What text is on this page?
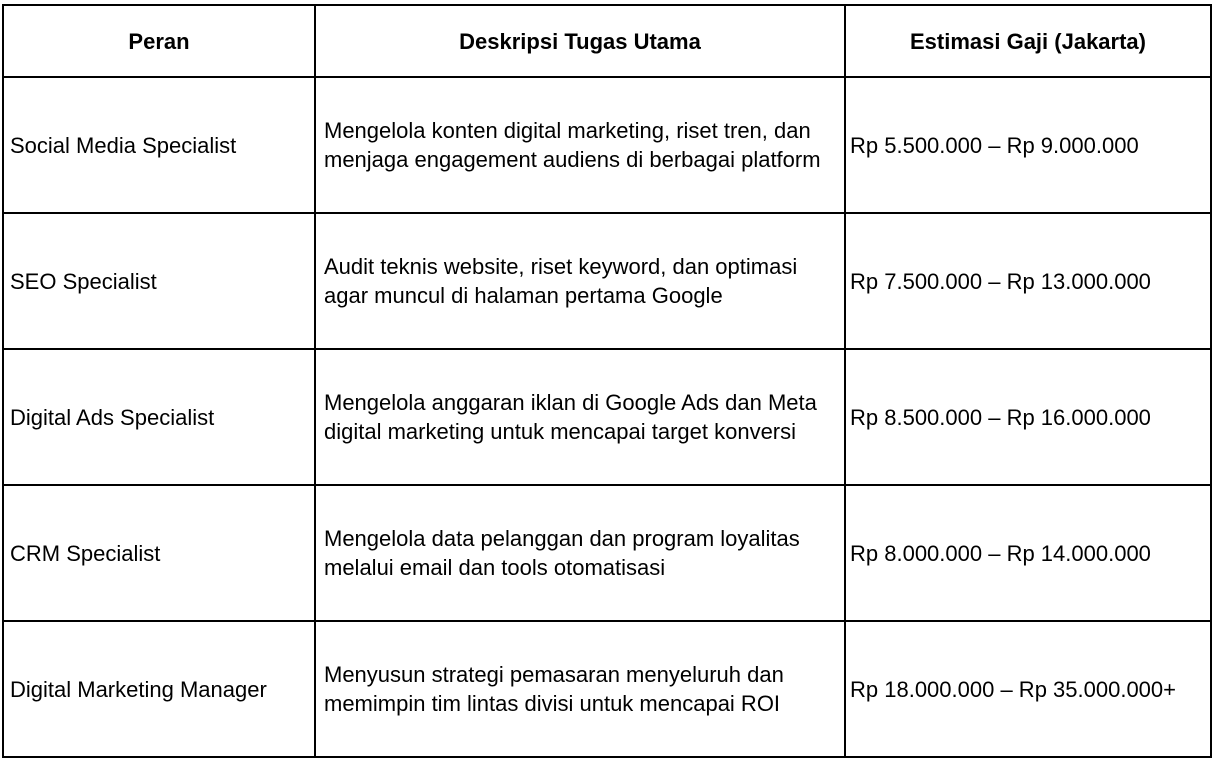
Peran	Deskripsi Tugas Utama	Estimasi Gaji (Jakarta)
Social Media Specialist	Mengelola konten digital marketing, riset tren, dan menjaga engagement audiens di berbagai platform	Rp 5.500.000 – Rp 9.000.000
SEO Specialist	Audit teknis website, riset keyword, dan optimasi agar muncul di halaman pertama Google	Rp 7.500.000 – Rp 13.000.000
Digital Ads Specialist	Mengelola anggaran iklan di Google Ads dan Meta digital marketing untuk mencapai target konversi	Rp 8.500.000 – Rp 16.000.000
CRM Specialist	Mengelola data pelanggan dan program loyalitas melalui email dan tools otomatisasi	Rp 8.000.000 – Rp 14.000.000
Digital Marketing Manager	Menyusun strategi pemasaran menyeluruh dan memimpin tim lintas divisi untuk mencapai ROI	Rp 18.000.000 – Rp 35.000.000+
